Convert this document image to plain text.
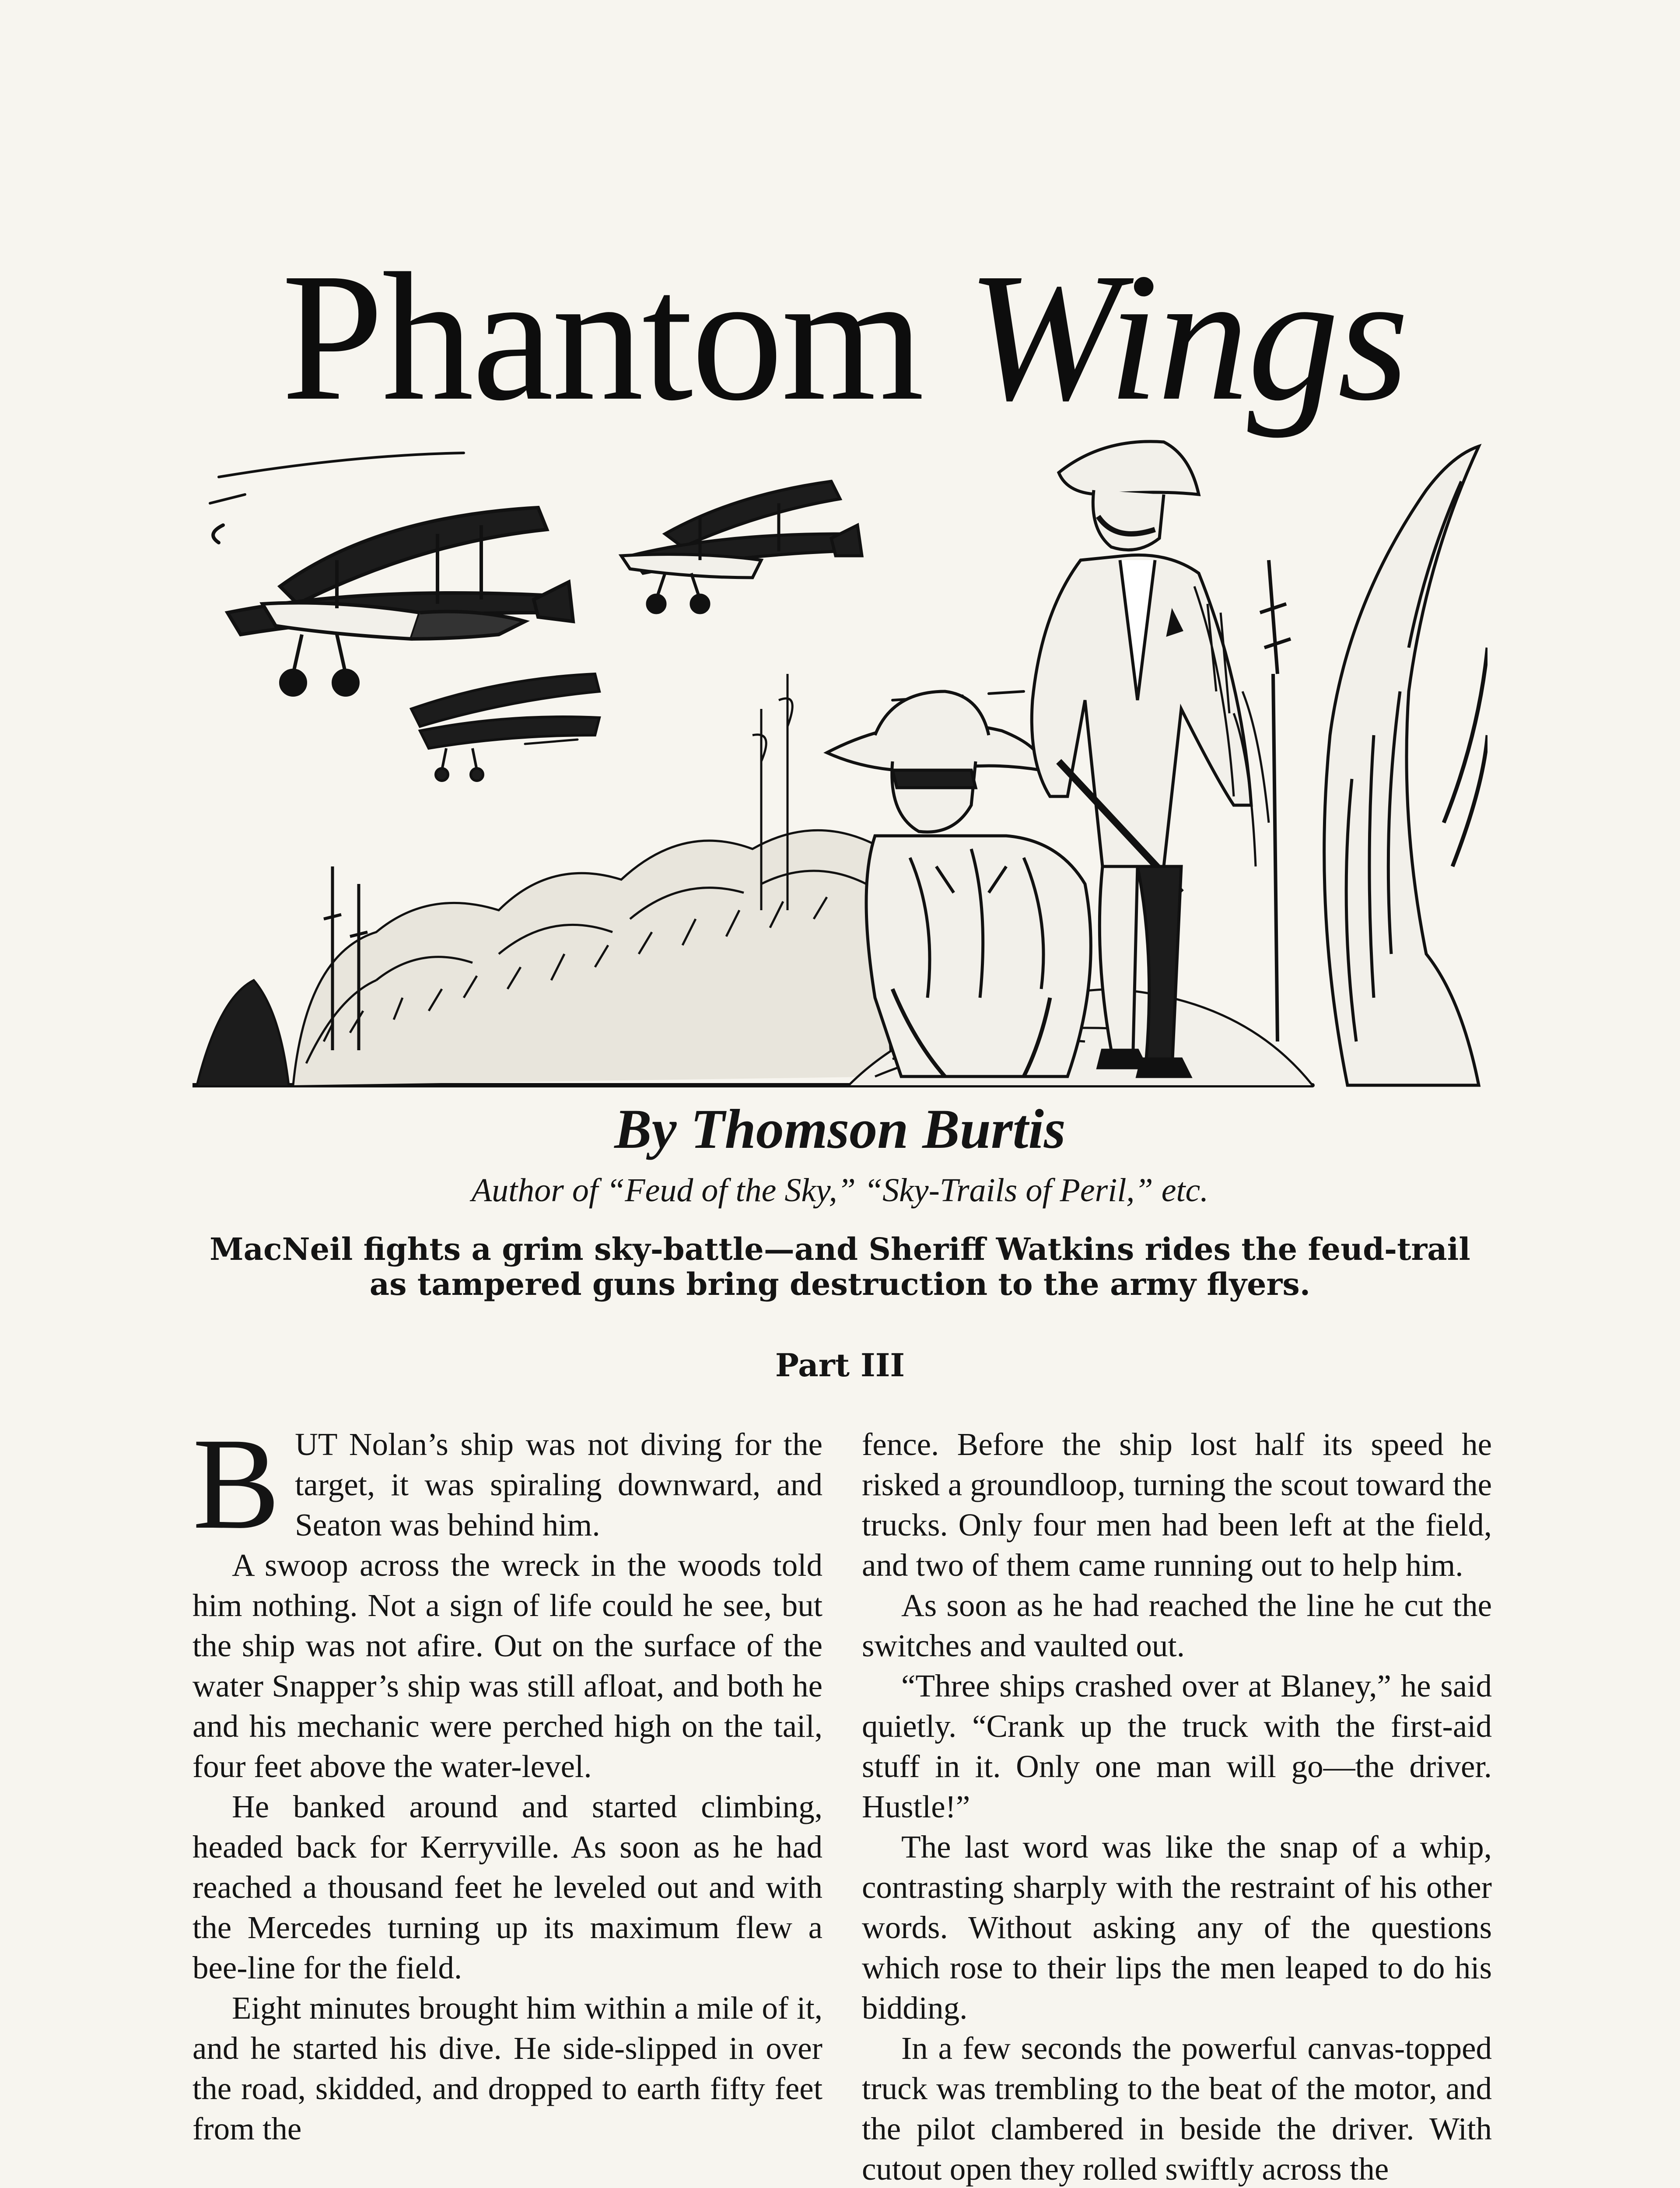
Phantom Wings
By Thomson Burtis
Author of “Feud of the Sky,” “Sky-Trails of Peril,” etc.
MacNeil fights a grim sky-battle—and Sheriff Watkins rides the feud-trail
as tampered guns bring destruction to the army flyers.
Part III

BUT Nolan’s ship was not diving for the target, it was spiraling downward, and Seaton was behind him.

A swoop across the wreck in the woods told him nothing. Not a sign of life could he see, but the ship was not afire. Out on the surface of the water Snapper’s ship was still afloat, and both he and his mechanic were perched high on the tail, four feet above the water-level.

He banked around and started climbing, headed back for Kerryville. As soon as he had reached a thousand feet he leveled out and with the Mercedes turning up its maximum flew a bee-line for the field.

Eight minutes brought him within a mile of it, and he started his dive. He side-slipped in over the road, skidded, and dropped to earth fifty feet from the

fence. Before the ship lost half its speed he risked a groundloop, turning the scout toward the trucks. Only four men had been left at the field, and two of them came running out to help him.

As soon as he had reached the line he cut the switches and vaulted out.

“Three ships crashed over at Blaney,” he said quietly. “Crank up the truck with the first-aid stuff in it. Only one man will go—the driver. Hustle!”

The last word was like the snap of a whip, contrasting sharply with the restraint of his other words. Without asking any of the questions which rose to their lips the men leaped to do his bidding.

In a few seconds the powerful canvas-topped truck was trembling to the beat of the motor, and the pilot clambered in beside the driver. With cutout open they rolled swiftly across the
